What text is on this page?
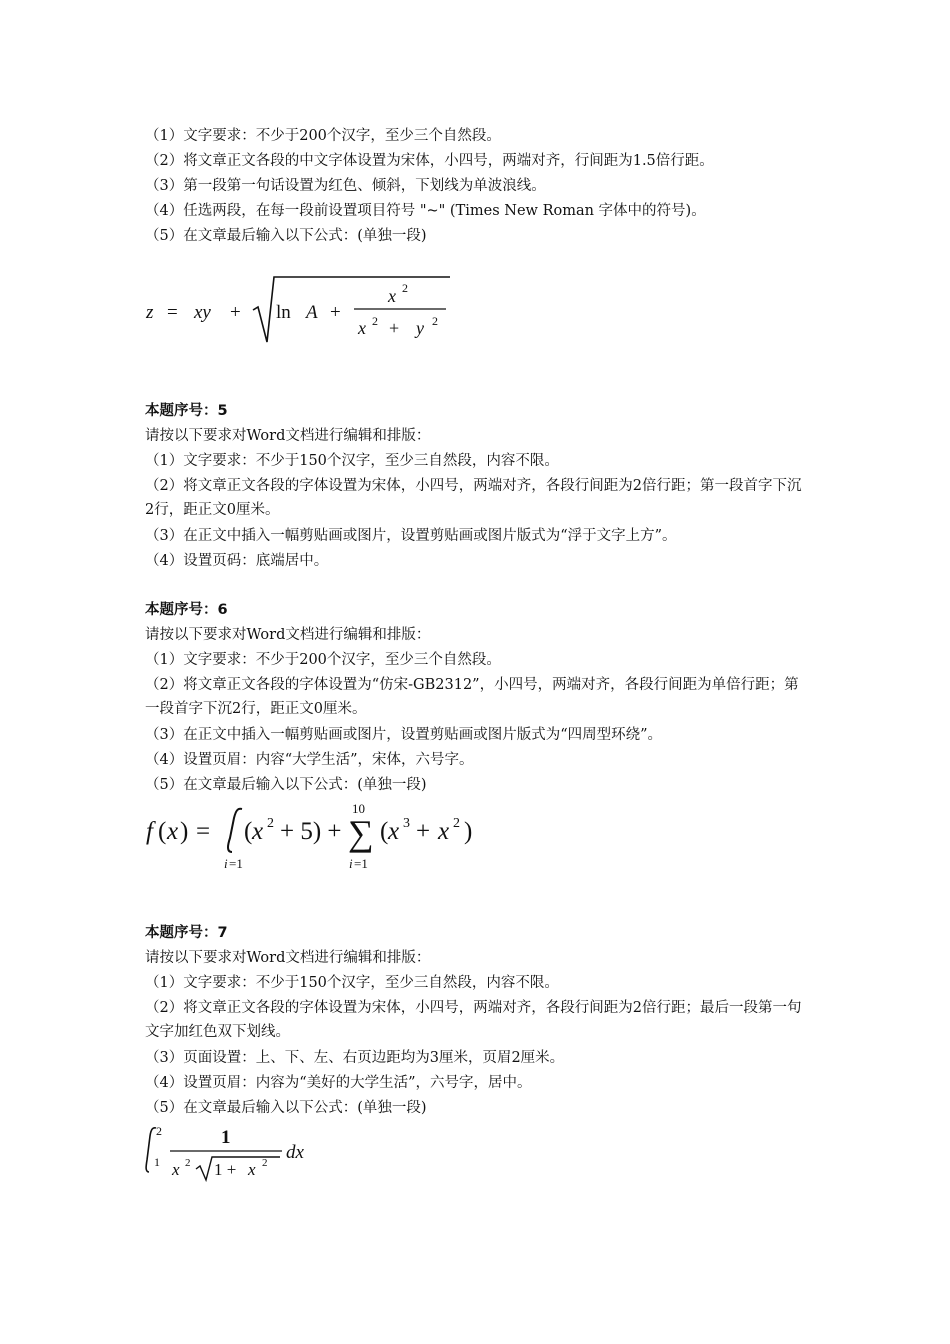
（1）文字要求：不少于200个汉字，至少三个自然段。
（2）将文章正文各段的中文字体设置为宋体，小四号，两端对齐，行间距为1.5倍行距。
（3）第一段第一句话设置为红色、倾斜，下划线为单波浪线。
（4）任选两段，在每一段前设置项目符号 "~" (Times New Roman 字体中的符号)。
（5）在文章最后输入以下公式：(单独一段)
z = xy + ln A +
x 2
x 2 + y 2
本题序号：5
请按以下要求对Word文档进行编辑和排版：
（1）文字要求：不少于150个汉字，至少三自然段，内容不限。
（2）将文章正文各段的字体设置为宋体，小四号，两端对齐，各段行间距为2倍行距；第一段首字下沉2行，距正文0厘米。
（3）在正文中插入一幅剪贴画或图片，设置剪贴画或图片版式为“浮于文字上方”。
（4）设置页码：底端居中。
本题序号：6
请按以下要求对Word文档进行编辑和排版：
（1）文字要求：不少于200个汉字，至少三个自然段。
（2）将文章正文各段的字体设置为“仿宋-GB2312”，小四号，两端对齐，各段行间距为单倍行距；第一段首字下沉2行，距正文0厘米。
（3）在正文中插入一幅剪贴画或图片，设置剪贴画或图片版式为“四周型环绕”。
（4）设置页眉：内容“大学生活”，宋体，六号字。
（5）在文章最后输入以下公式：(单独一段)
f ( x ) =
i =1
( x 2 + 5) + ∑
10
i =1
( x 3 + x 2 )
本题序号：7
请按以下要求对Word文档进行编辑和排版：
（1）文字要求：不少于150个汉字，至少三自然段，内容不限。
（2）将文章正文各段的字体设置为宋体，小四号，两端对齐，各段行间距为2倍行距；最后一段第一句文字加红色双下划线。
（3）页面设置：上、下、左、右页边距均为3厘米，页眉2厘米。
（4）设置页眉：内容为“美好的大学生活”，六号字，居中。
（5）在文章最后输入以下公式：(单独一段)
2
1
1
x 2 1 + x 2 dx
